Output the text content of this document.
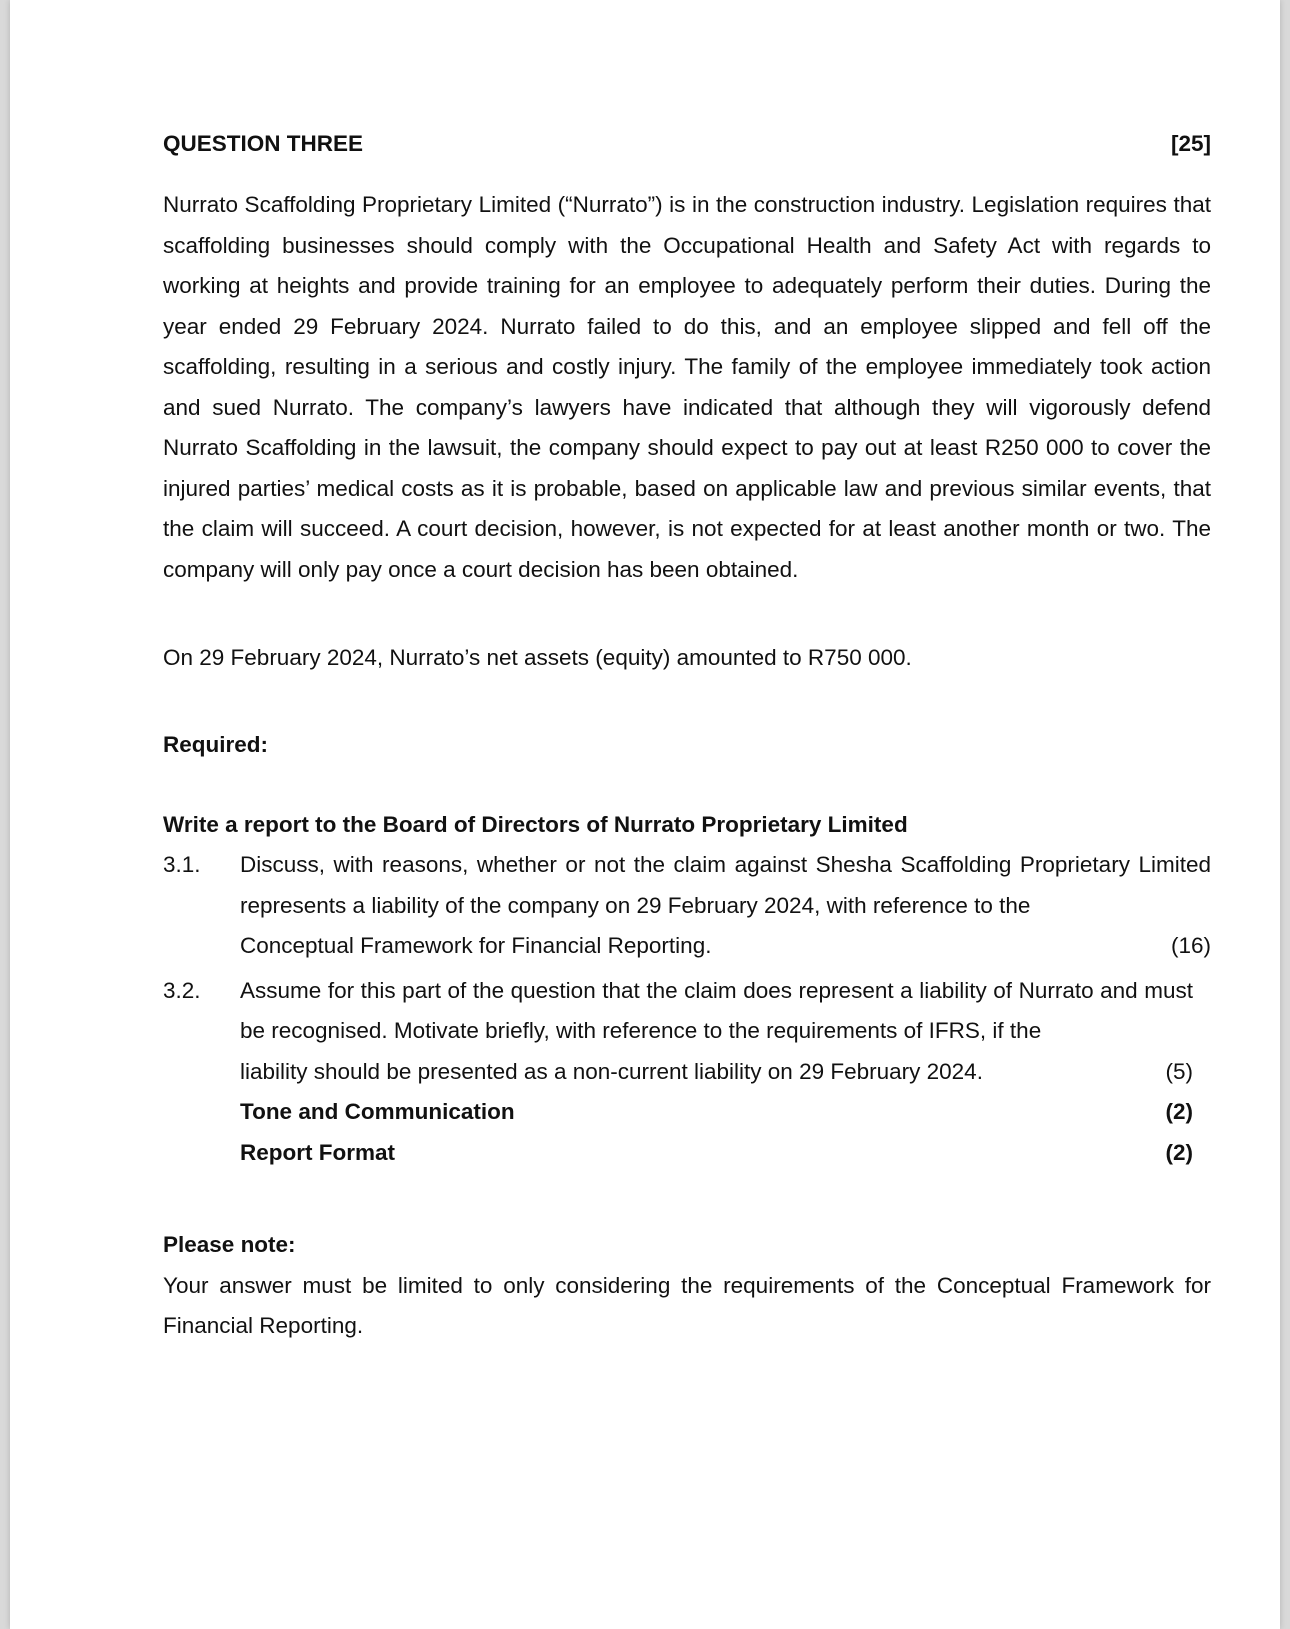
QUESTION THREE	[25]
Nurrato Scaffolding Proprietary Limited (“Nurrato”) is in the construction industry. Legislation requires that scaffolding businesses should comply with the Occupational Health and Safety Act with regards to working at heights and provide training for an employee to adequately perform their duties. During the year ended 29 February 2024. Nurrato failed to do this, and an employee slipped and fell off the scaffolding, resulting in a serious and costly injury. The family of the employee immediately took action and sued Nurrato. The company’s lawyers have indicated that although they will vigorously defend Nurrato Scaffolding in the lawsuit, the company should expect to pay out at least R250 000 to cover the injured parties’ medical costs as it is probable, based on applicable law and previous similar events, that the claim will succeed. A court decision, however, is not expected for at least another month or two. The company will only pay once a court decision has been obtained.
On 29 February 2024, Nurrato’s net assets (equity) amounted to R750 000.
Required:
Write a report to the Board of Directors of Nurrato Proprietary Limited
3.1.	Discuss, with reasons, whether or not the claim against Shesha Scaffolding Proprietary Limited represents a liability of the company on 29 February 2024, with reference to the
Conceptual Framework for Financial Reporting.	(16)
3.2.	Assume for this part of the question that the claim does represent a liability of Nurrato and must be recognised. Motivate briefly, with reference to the requirements of IFRS, if the
liability should be presented as a non-current liability on 29 February 2024.	(5)
Tone and Communication	(2)
Report Format	(2)
Please note:
Your answer must be limited to only considering the requirements of the Conceptual Framework for Financial Reporting.
